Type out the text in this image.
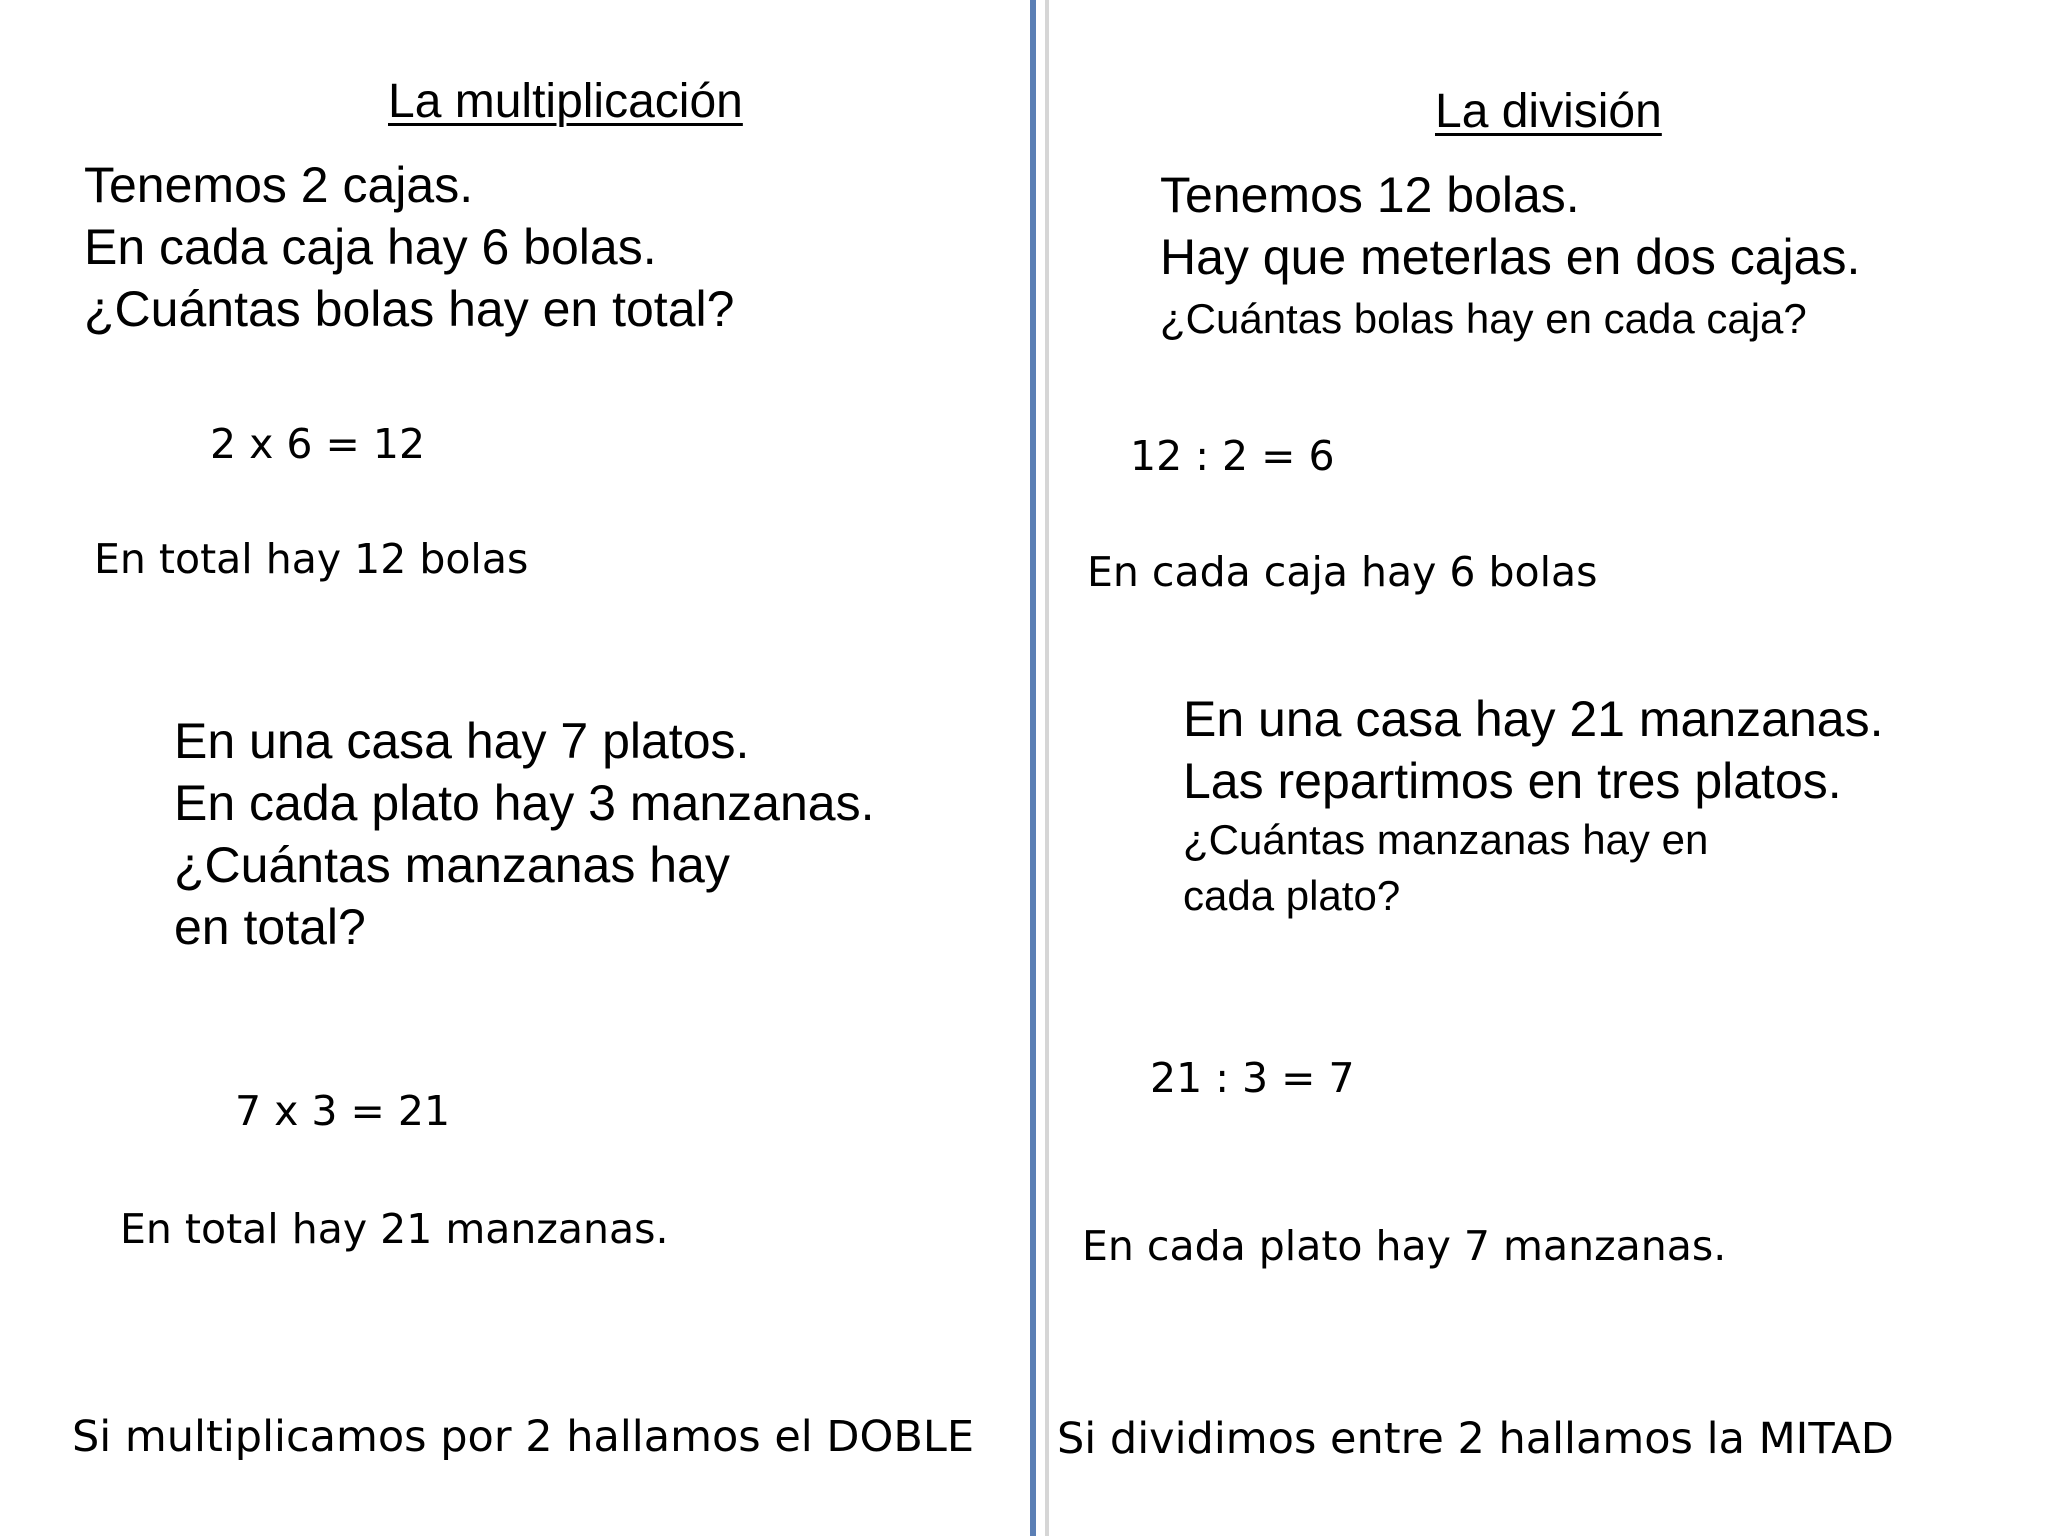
La multiplicación
Tenemos 2 cajas.
En cada caja hay 6 bolas.
¿Cuántas bolas hay en total?
2 x 6 = 12
En total hay 12 bolas
En una casa hay 7 platos.
En cada plato hay 3 manzanas.
¿Cuántas manzanas hay
en total?
7 x 3 = 21
En total hay 21 manzanas.
Si multiplicamos por 2 hallamos el DOBLE
La división
Tenemos 12 bolas.
Hay que meterlas en dos cajas.
¿Cuántas bolas hay en cada caja?
12 : 2 = 6
En cada caja hay 6 bolas
En una casa hay 21 manzanas.
Las repartimos en tres platos.
¿Cuántas manzanas hay en
cada plato?
21 : 3 = 7
En cada plato hay 7 manzanas.
Si dividimos entre 2 hallamos la MITAD
